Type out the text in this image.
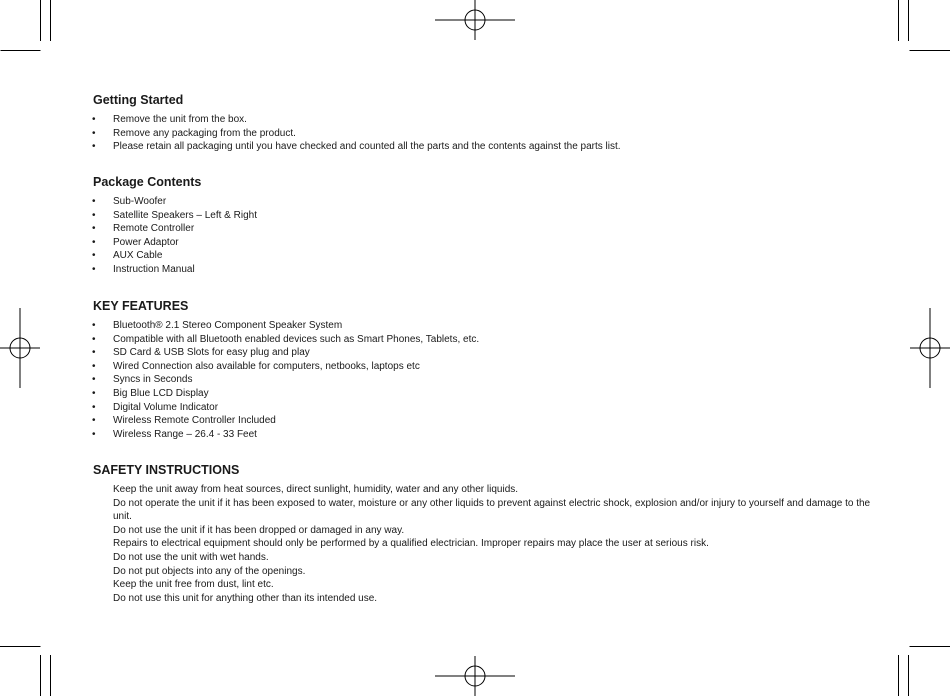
Getting Started
•	Remove the unit from the box.
•	Remove any packaging from the product.
•	Please retain all packaging until you have checked and counted all the parts and the contents against the parts list.
Package Contents
•	Sub-Woofer
•	Satellite Speakers – Left & Right
•	Remote Controller
•	Power Adaptor
•	AUX Cable
•	Instruction Manual
KEY FEATURES
•	Bluetooth® 2.1 Stereo Component Speaker System
•	Compatible with all Bluetooth enabled devices such as Smart Phones, Tablets, etc.
•	SD Card & USB Slots for easy plug and play
•	Wired Connection also available for computers, netbooks, laptops etc
•	Syncs in Seconds
•	Big Blue LCD Display
•	Digital Volume Indicator
•	Wireless Remote Controller Included
•	Wireless Range – 26.4 - 33 Feet
SAFETY INSTRUCTIONS

Keep the unit away from heat sources, direct sunlight, humidity, water and any other liquids.

Do not operate the unit if it has been exposed to water, moisture or any other liquids to prevent against electric shock, explosion and/or injury to yourself and damage to the unit.

Do not use the unit if it has been dropped or damaged in any way.

Repairs to electrical equipment should only be performed by a qualified electrician. Improper repairs may place the user at serious risk.

Do not use the unit with wet hands.

Do not put objects into any of the openings.

Keep the unit free from dust, lint etc.

Do not use this unit for anything other than its intended use.
